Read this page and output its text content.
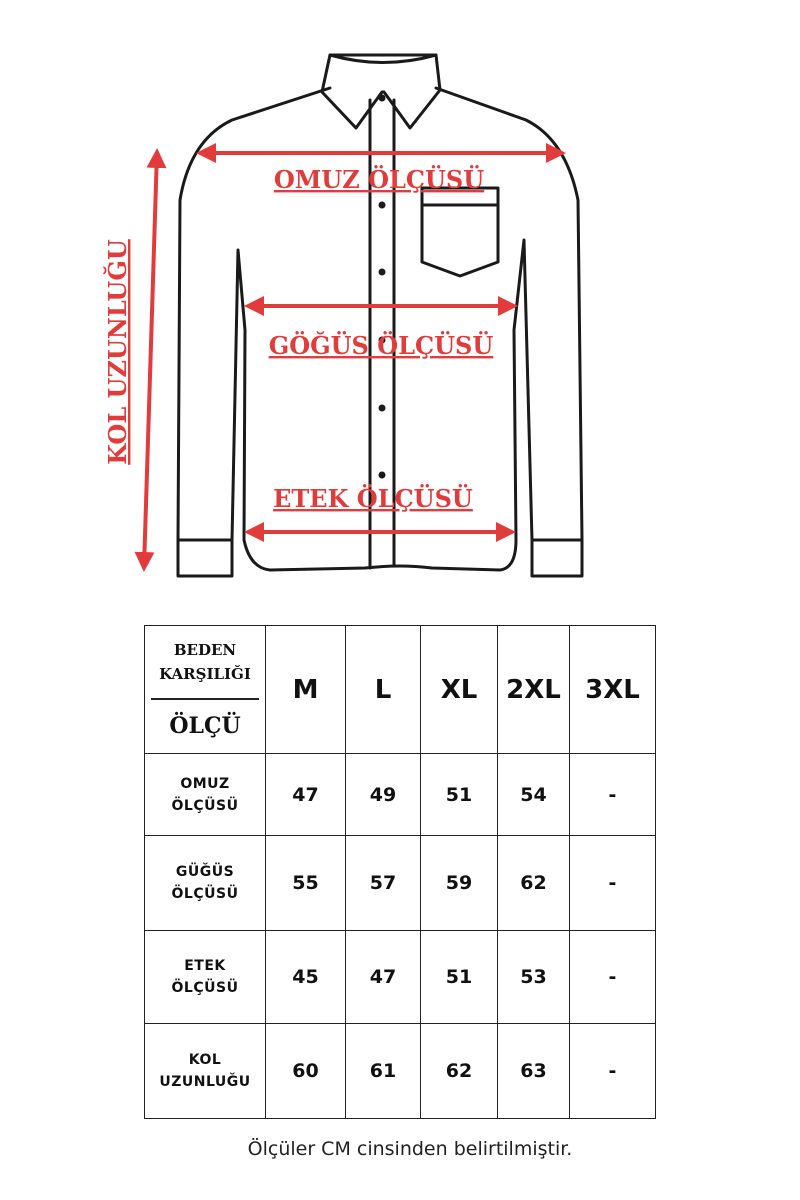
OMUZ ÖLÇÜSÜ
GÖĞÜS ÖLÇÜSÜ
ETEK ÖLÇÜSÜ
KOL UZUNLUĞU
BEDEN
KARŞILIĞI
ÖLÇÜ	M	L	XL	2XL	3XL

OMUZ
ÖLÇÜSÜ	47	49	51	54	-

GÜĞÜS
ÖLÇÜSÜ	55	57	59	62	-

ETEK
ÖLÇÜSÜ	45	47	51	53	-

KOL
UZUNLUĞU	60	61	62	63	-
Ölçüler CM cinsinden belirtilmiştir.
